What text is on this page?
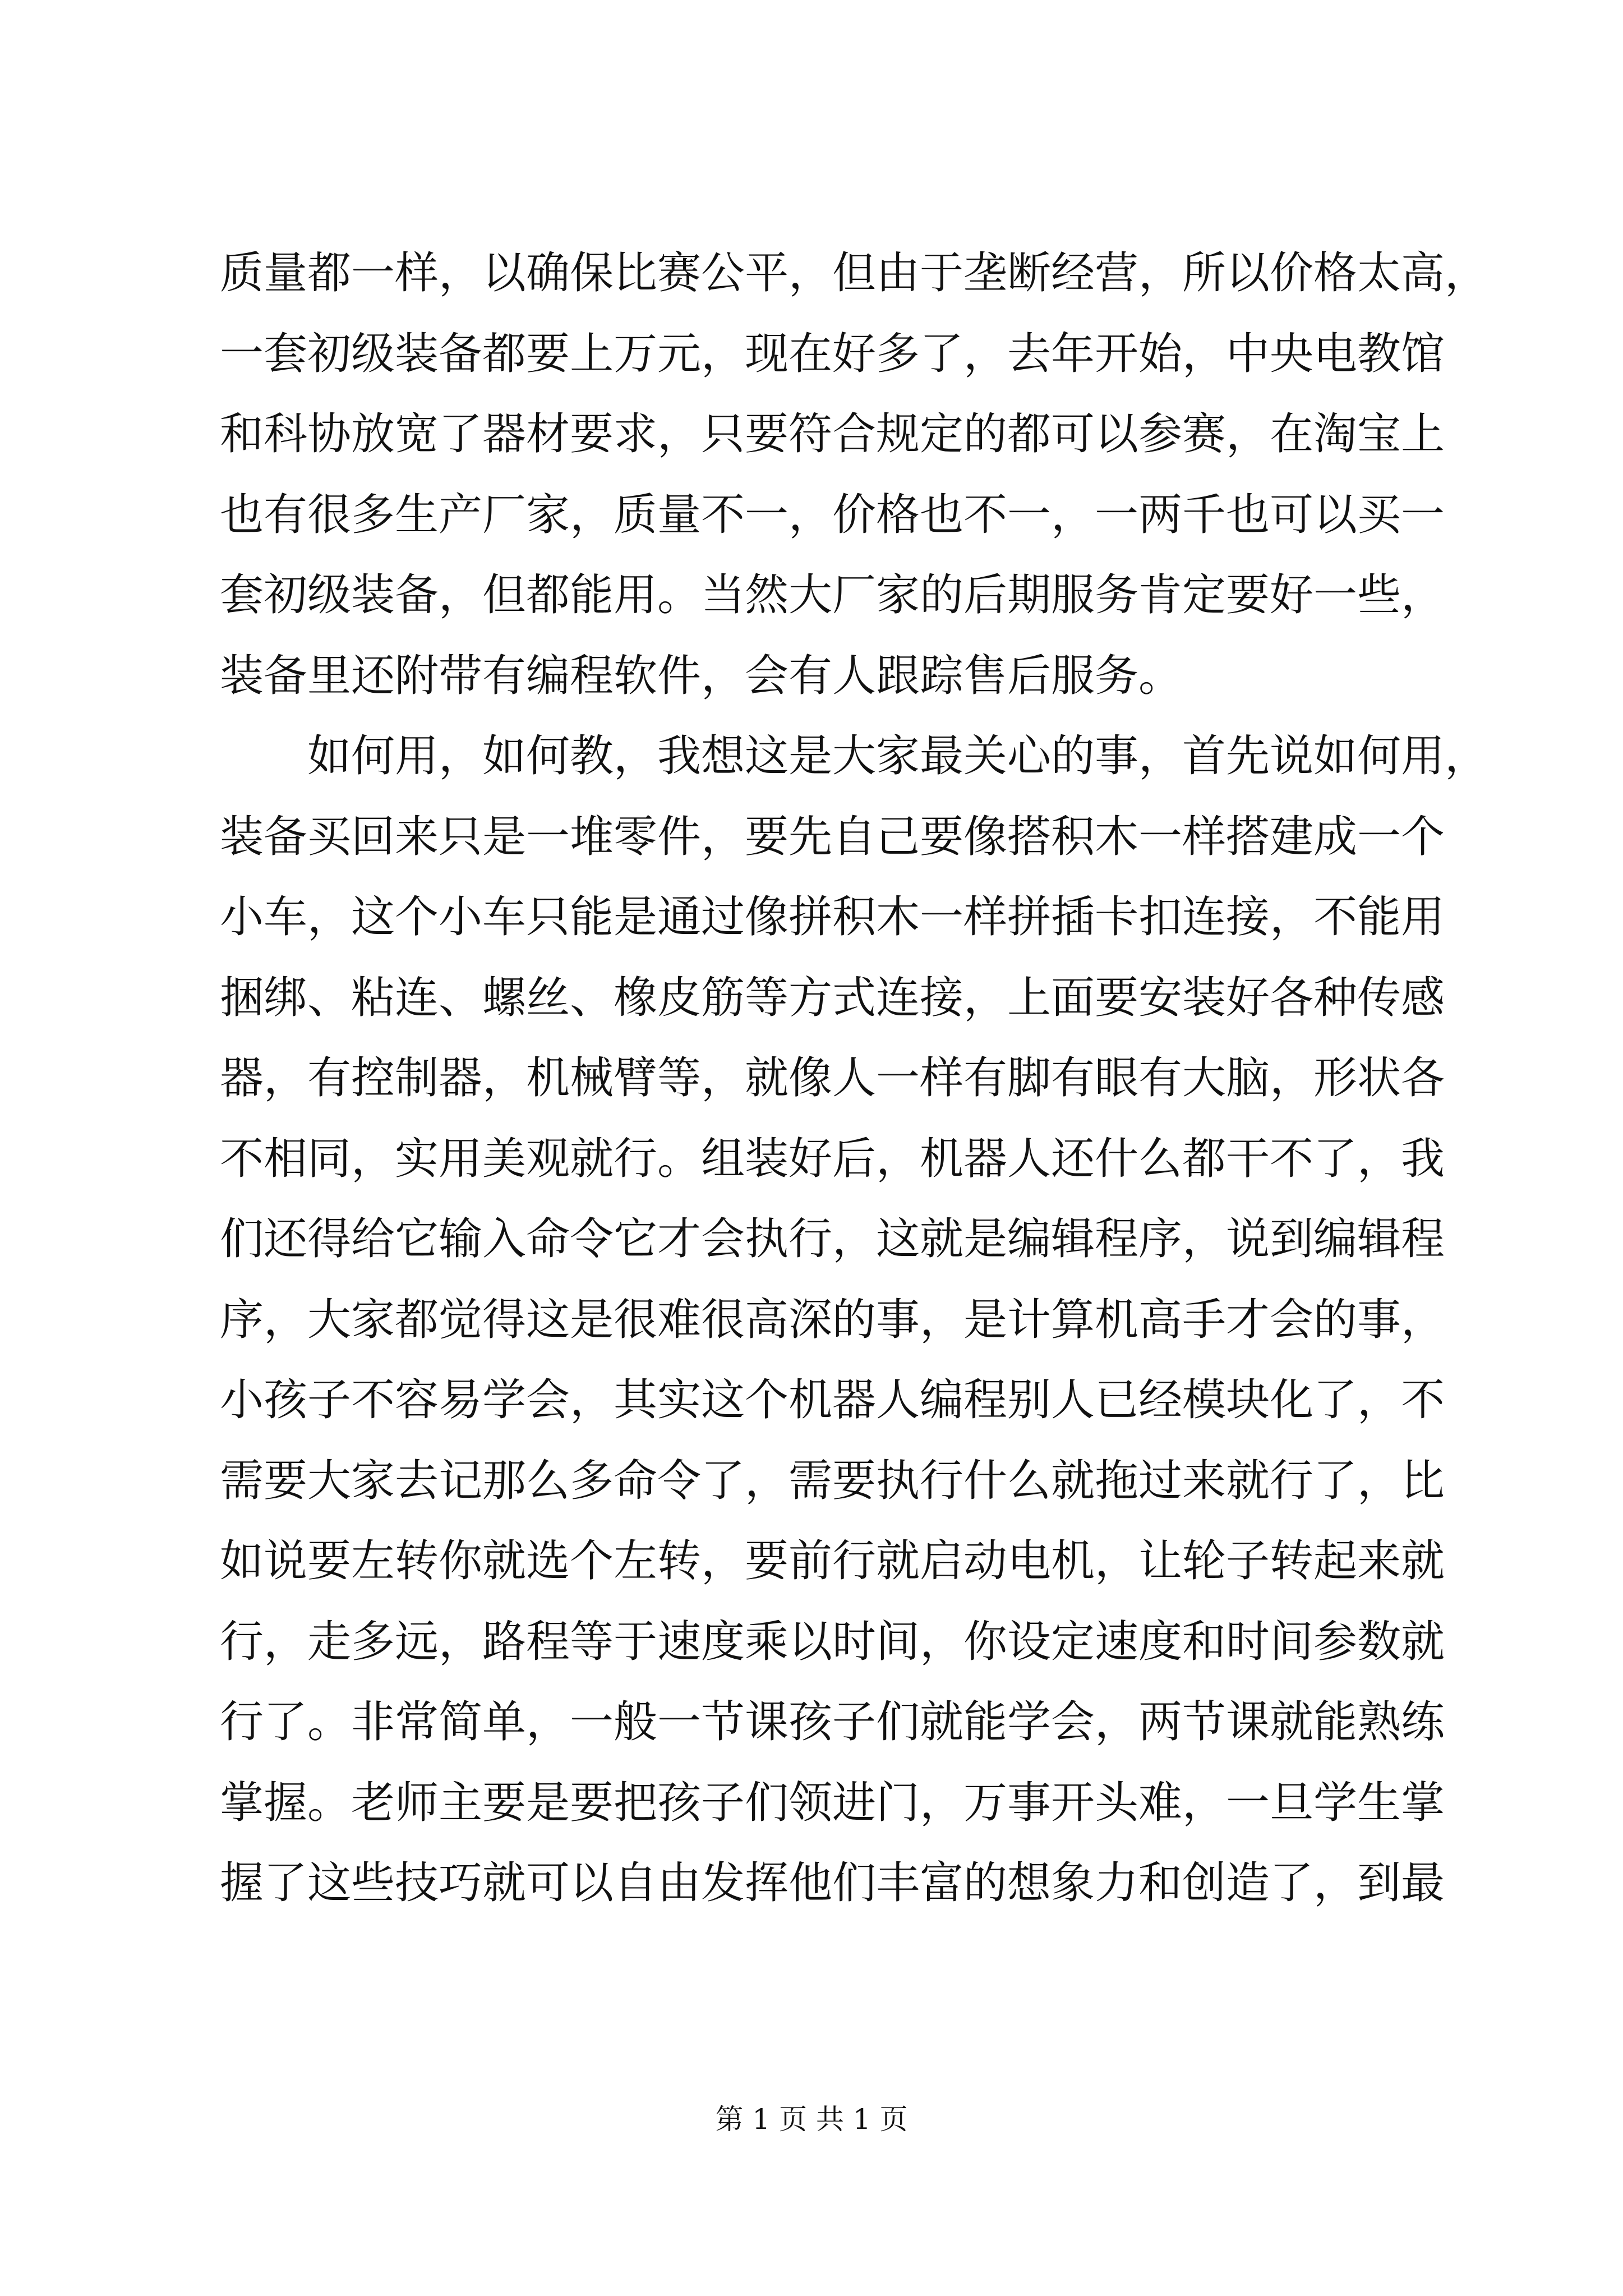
质量都一样，以确保比赛公平，但由于垄断经营，所以价格太高，
一套初级装备都要上万元，现在好多了，去年开始，中央电教馆
和科协放宽了器材要求，只要符合规定的都可以参赛，在淘宝上
也有很多生产厂家，质量不一，价格也不一，一两千也可以买一
套初级装备，但都能用。当然大厂家的后期服务肯定要好一些，
装备里还附带有编程软件，会有人跟踪售后服务。
如何用，如何教，我想这是大家最关心的事，首先说如何用，
装备买回来只是一堆零件，要先自己要像搭积木一样搭建成一个
小车，这个小车只能是通过像拼积木一样拼插卡扣连接，不能用
捆绑、粘连、螺丝、橡皮筋等方式连接，上面要安装好各种传感
器，有控制器，机械臂等，就像人一样有脚有眼有大脑，形状各
不相同，实用美观就行。组装好后，机器人还什么都干不了，我
们还得给它输入命令它才会执行，这就是编辑程序，说到编辑程
序，大家都觉得这是很难很高深的事，是计算机高手才会的事，
小孩子不容易学会，其实这个机器人编程别人已经模块化了，不
需要大家去记那么多命令了，需要执行什么就拖过来就行了，比
如说要左转你就选个左转，要前行就启动电机，让轮子转起来就
行，走多远，路程等于速度乘以时间，你设定速度和时间参数就
行了。非常简单，一般一节课孩子们就能学会，两节课就能熟练
掌握。老师主要是要把孩子们领进门，万事开头难，一旦学生掌
握了这些技巧就可以自由发挥他们丰富的想象力和创造了，到最
第 1 页 共 1 页
